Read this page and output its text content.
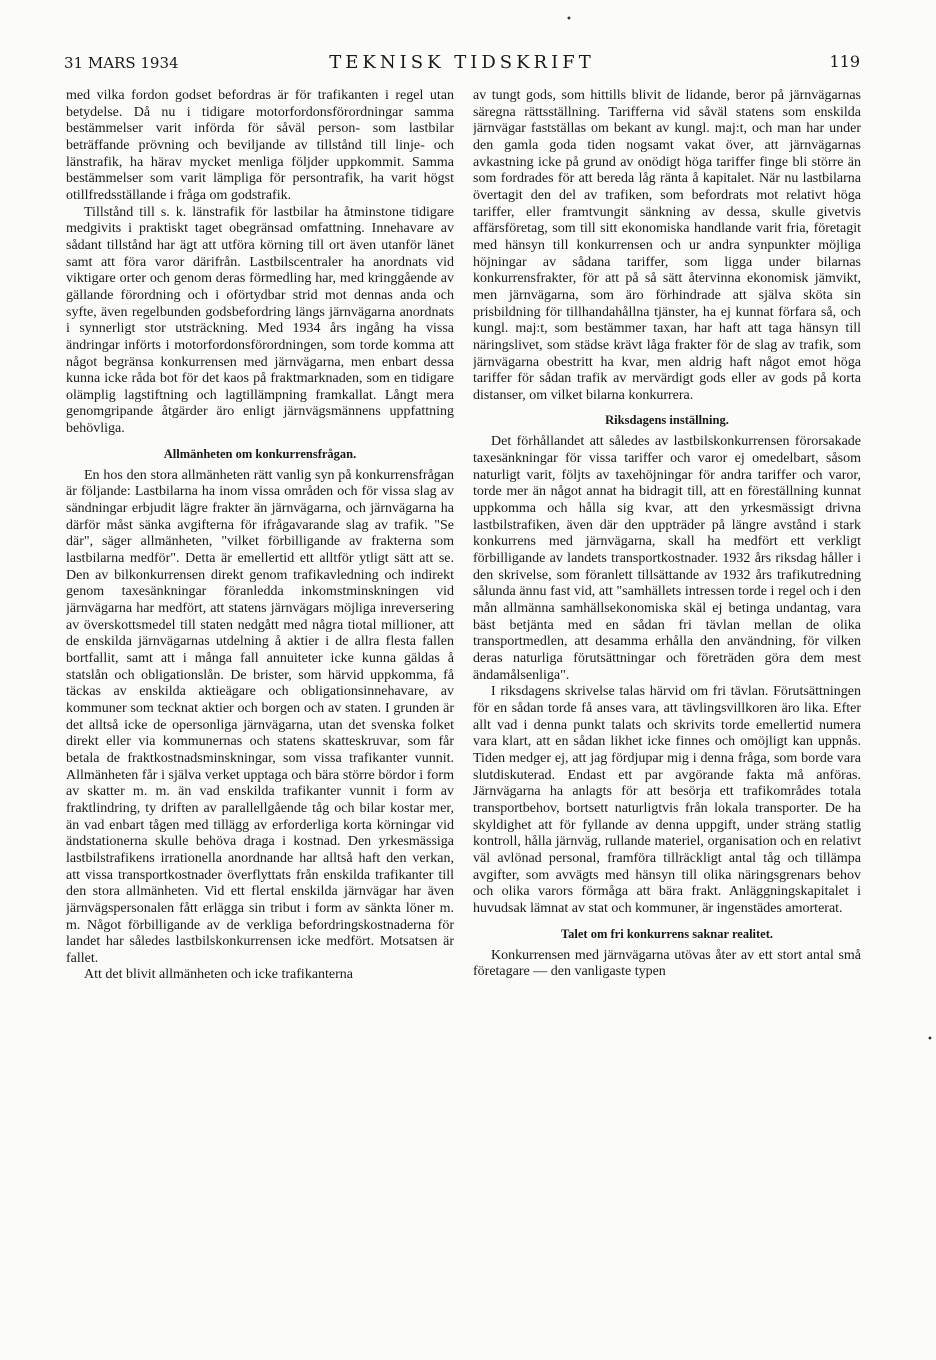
31 MARS 1934	TEKNISK TIDSKRIFT	119

med vilka fordon godset befordras är för trafikanten i regel utan betydelse. Då nu i tidigare motorfordonsförordningar samma bestämmelser varit införda för såväl person- som lastbilar beträffande prövning och beviljande av tillstånd till linje- och länstrafik, ha härav mycket menliga följder uppkommit. Samma bestämmelser som varit lämpliga för persontrafik, ha varit högst otillfredsställande i fråga om godstrafik.

Tillstånd till s. k. länstrafik för lastbilar ha åtminstone tidigare medgivits i praktiskt taget obegränsad omfattning. Innehavare av sådant tillstånd har ägt att utföra körning till ort även utanför länet samt att föra varor därifrån. Lastbilscentraler ha anordnats vid viktigare orter och genom deras förmedling har, med kringgående av gällande förordning och i oförtydbar strid mot dennas anda och syfte, även regelbunden godsbefordring längs järnvägarna anordnats i synnerligt stor utsträckning. Med 1934 års ingång ha vissa ändringar införts i motorfordonsförordningen, som torde komma att något begränsa konkurrensen med järnvägarna, men enbart dessa kunna icke råda bot för det kaos på fraktmarknaden, som en tidigare olämplig lagstiftning och lagtillämpning framkallat. Långt mera genomgripande åtgärder äro enligt järnvägsmännens uppfattning behövliga.

Allmänheten om konkurrensfrågan.

En hos den stora allmänheten rätt vanlig syn på konkurrensfrågan är följande: Lastbilarna ha inom vissa områden och för vissa slag av sändningar erbjudit lägre frakter än järnvägarna, och järnvägarna ha därför måst sänka avgifterna för ifrågavarande slag av trafik. "Se där", säger allmänheten, "vilket förbilligande av frakterna som lastbilarna medför". Detta är emellertid ett alltför ytligt sätt att se. Den av bilkonkurrensen direkt genom trafikavledning och indirekt genom taxesänkningar föranledda inkomstminskningen vid järnvägarna har medfört, att statens järnvägars möjliga inreversering av överskottsmedel till staten nedgått med några tiotal millioner, att de enskilda järnvägarnas utdelning å aktier i de allra flesta fallen bortfallit, samt att i många fall annuiteter icke kunna gäldas å statslån och obligationslån. De brister, som härvid uppkomma, få täckas av enskilda aktieägare och obligationsinnehavare, av kommuner som tecknat aktier och borgen och av staten. I grunden är det alltså icke de opersonliga järnvägarna, utan det svenska folket direkt eller via kommunernas och statens skatteskruvar, som får betala de fraktkostnadsminskningar, som vissa trafikanter vunnit. Allmänheten får i själva verket upptaga och bära större bördor i form av skatter m. m. än vad enskilda trafikanter vunnit i form av fraktlindring, ty driften av parallellgående tåg och bilar kostar mer, än vad enbart tågen med tillägg av erforderliga korta körningar vid ändstationerna skulle behöva draga i kostnad. Den yrkesmässiga lastbilstrafikens irrationella anordnande har alltså haft den verkan, att vissa transportkostnader överflyttats från enskilda trafikanter till den stora allmänheten. Vid ett flertal enskilda järnvägar har även järnvägspersonalen fått erlägga sin tribut i form av sänkta löner m. m. Något förbilligande av de verkliga befordringskostnaderna för landet har således lastbilskonkurrensen icke medfört. Motsatsen är fallet.

Att det blivit allmänheten och icke trafikanterna

av tungt gods, som hittills blivit de lidande, beror på järnvägarnas säregna rättsställning. Tarifferna vid såväl statens som enskilda järnvägar fastställas om bekant av kungl. maj:t, och man har under den gamla goda tiden nogsamt vakat över, att järnvägarnas avkastning icke på grund av onödigt höga tariffer finge bli större än som fordrades för att bereda låg ränta å kapitalet. När nu lastbilarna övertagit den del av trafiken, som befordrats mot relativt höga tariffer, eller framtvungit sänkning av dessa, skulle givetvis affärsföretag, som till sitt ekonomiska handlande varit fria, företagit med hänsyn till konkurrensen och ur andra synpunkter möjliga höjningar av sådana tariffer, som ligga under bilarnas konkurrensfrakter, för att på så sätt återvinna ekonomisk jämvikt, men järnvägarna, som äro förhindrade att själva sköta sin prisbildning för tillhandahållna tjänster, ha ej kunnat förfara så, och kungl. maj:t, som bestämmer taxan, har haft att taga hänsyn till näringslivet, som städse krävt låga frakter för de slag av trafik, som järnvägarna obestritt ha kvar, men aldrig haft något emot höga tariffer för sådan trafik av mervärdigt gods eller av gods på korta distanser, om vilket bilarna konkurrera.

Riksdagens inställning.

Det förhållandet att således av lastbilskonkurrensen förorsakade taxesänkningar för vissa tariffer och varor ej omedelbart, såsom naturligt varit, följts av taxehöjningar för andra tariffer och varor, torde mer än något annat ha bidragit till, att en föreställning kunnat uppkomma och hålla sig kvar, att den yrkesmässigt drivna lastbilstrafiken, även där den uppträder på längre avstånd i stark konkurrens med järnvägarna, skall ha medfört ett verkligt förbilligande av landets transportkostnader. 1932 års riksdag håller i den skrivelse, som föranlett tillsättande av 1932 års trafikutredning sålunda ännu fast vid, att "samhällets intressen torde i regel och i den mån allmänna samhällsekonomiska skäl ej betinga undantag, vara bäst betjänta med en sådan fri tävlan mellan de olika transportmedlen, att desamma erhålla den användning, för vilken deras naturliga förutsättningar och företräden göra dem mest ändamålsenliga".

I riksdagens skrivelse talas härvid om fri tävlan. Förutsättningen för en sådan torde få anses vara, att tävlingsvillkoren äro lika. Efter allt vad i denna punkt talats och skrivits torde emellertid numera vara klart, att en sådan likhet icke finnes och omöjligt kan uppnås. Tiden medger ej, att jag fördjupar mig i denna fråga, som borde vara slutdiskuterad. Endast ett par avgörande fakta må anföras. Järnvägarna ha anlagts för att besörja ett trafikområdes totala transportbehov, bortsett naturligtvis från lokala transporter. De ha skyldighet att för fyllande av denna uppgift, under sträng statlig kontroll, hålla järnväg, rullande materiel, organisation och en relativt väl avlönad personal, framföra tillräckligt antal tåg och tillämpa avgifter, som avvägts med hänsyn till olika näringsgrenars behov och olika varors förmåga att bära frakt. Anläggningskapitalet i huvudsak lämnat av stat och kommuner, är ingenstädes amorterat.

Talet om fri konkurrens saknar realitet.

Konkurrensen med järnvägarna utövas åter av ett stort antal små företagare — den vanligaste typen

•
•
